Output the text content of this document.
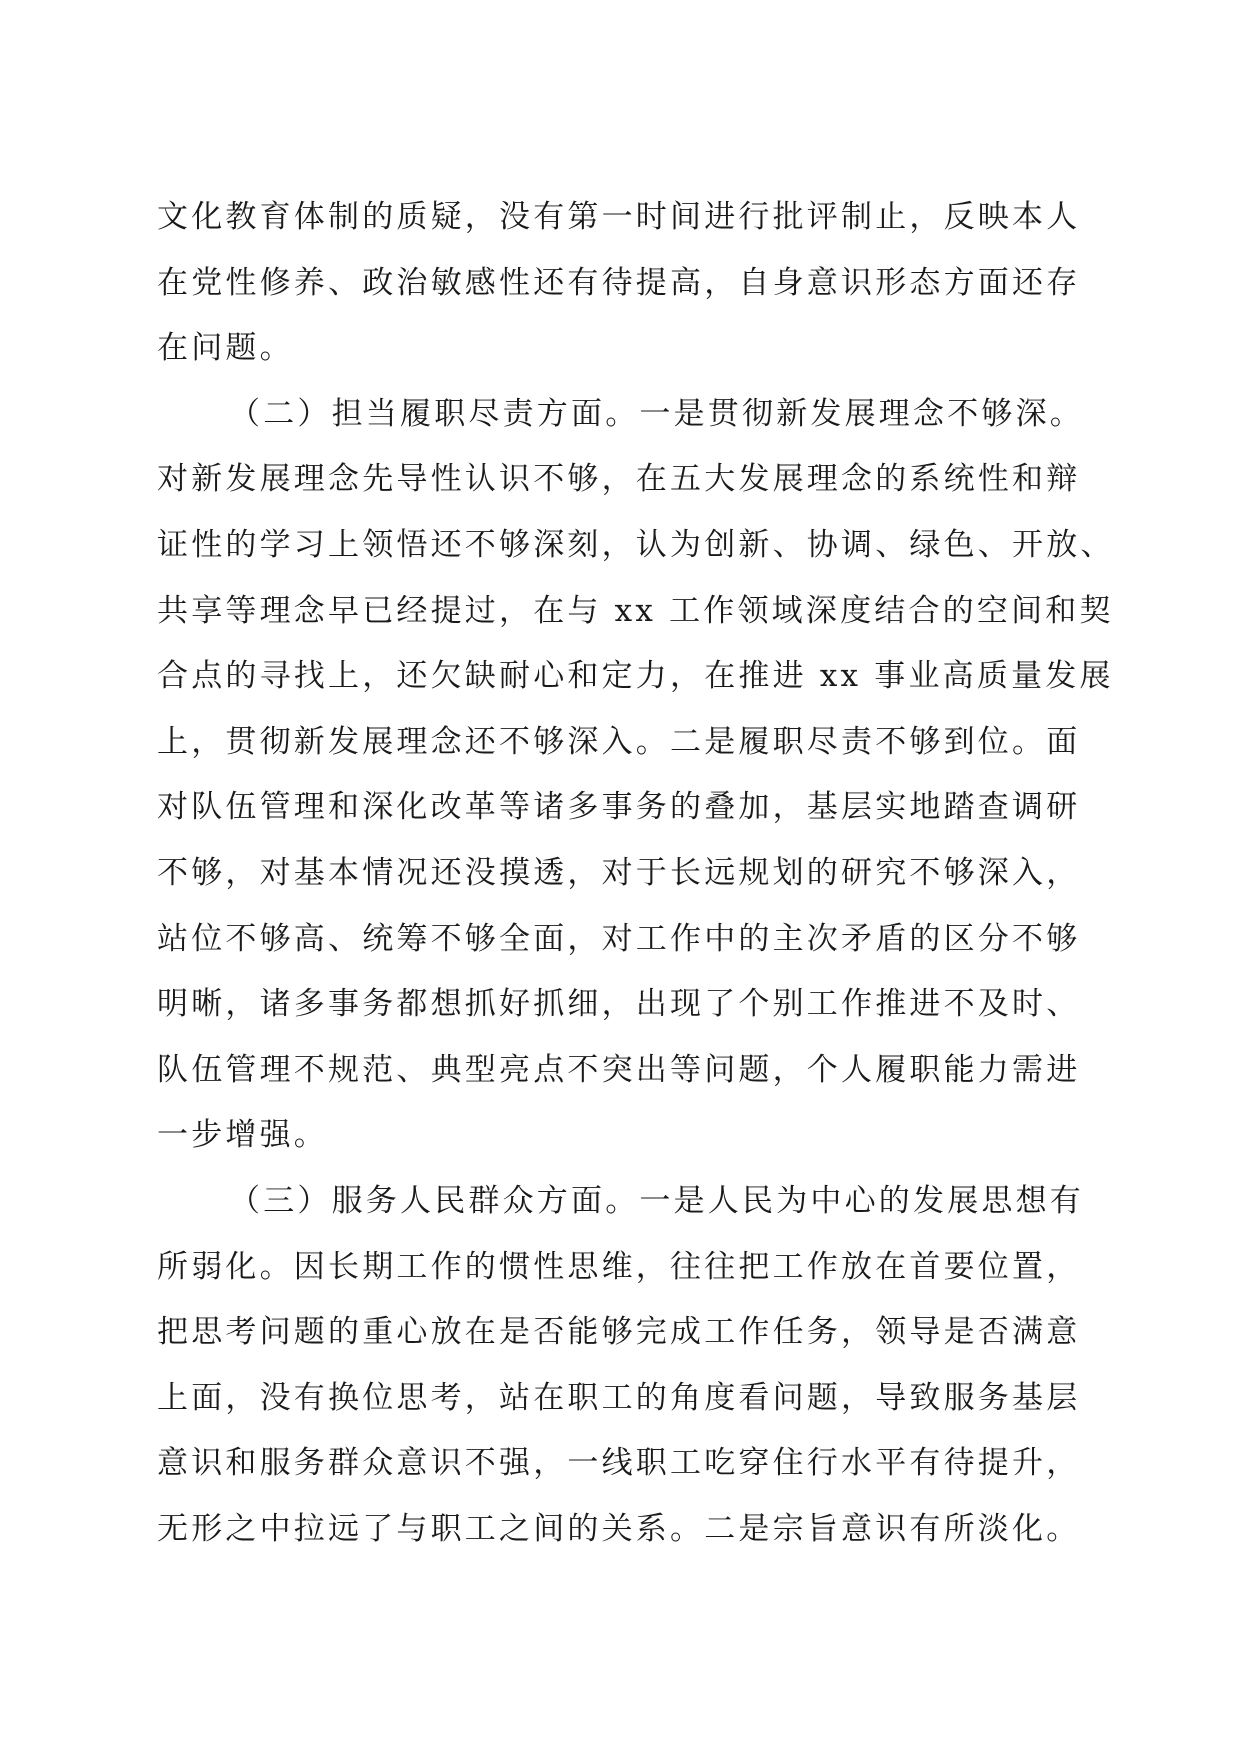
文化教育体制的质疑，没有第一时间进行批评制止，反映本人
在党性修养、政治敏感性还有待提高，自身意识形态方面还存
在问题。
（二）担当履职尽责方面。一是贯彻新发展理念不够深。
对新发展理念先导性认识不够，在五大发展理念的系统性和辩
证性的学习上领悟还不够深刻，认为创新、协调、绿色、开放、
共享等理念早已经提过，在与 xx 工作领域深度结合的空间和契
合点的寻找上，还欠缺耐心和定力，在推进 xx 事业高质量发展
上，贯彻新发展理念还不够深入。二是履职尽责不够到位。面
对队伍管理和深化改革等诸多事务的叠加，基层实地踏查调研
不够，对基本情况还没摸透，对于长远规划的研究不够深入，
站位不够高、统筹不够全面，对工作中的主次矛盾的区分不够
明晰，诸多事务都想抓好抓细，出现了个别工作推进不及时、
队伍管理不规范、典型亮点不突出等问题，个人履职能力需进
一步增强。
（三）服务人民群众方面。一是人民为中心的发展思想有
所弱化。因长期工作的惯性思维，往往把工作放在首要位置，
把思考问题的重心放在是否能够完成工作任务，领导是否满意
上面，没有换位思考，站在职工的角度看问题，导致服务基层
意识和服务群众意识不强，一线职工吃穿住行水平有待提升，
无形之中拉远了与职工之间的关系。二是宗旨意识有所淡化。
